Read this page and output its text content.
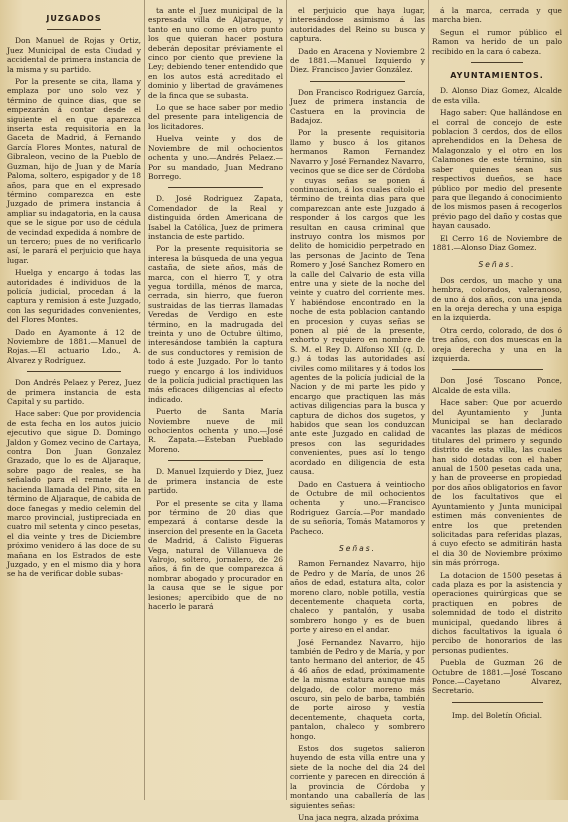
JUZGADOS

Don Manuel de Rojas y Ortiz, Juez Municipal de esta Ciudad y accidental de primera instancia de la misma y su partido.

Por la presente se cita, llama y emplaza por uno solo vez y término de quince dias, que se empezarán á contar desde el siguiente el en que aparezca inserta esta requisitoria en la Gaceta de Madrid, á Fernando García Flores Montes, natural de Gibraleon, vecino de la Pueblo de Guzman, hijo de Juan y de María Paloma, soltero, espigador y de 18 años, para que en el expresado término comparezca en este Juzgado de primera instancia á ampliar su indagatoria, en la causa que se le sigue por uso de cédula de vecindad expedida á nombre de un tercero; pues de no verificarlo así, le parará el perjuicio que haya lugar.

Huelga y encargo á todas las autoridades é individuos de la policía judicial, procedan á la captura y remision á este Juzgado, con las seguridades convenientes, del Flores Montes.

Dado en Ayamonte á 12 de Noviembre de 1881.—Manuel de Rojas.—El actuario Ldo., A. Alvarez y Rodríguez.

Don Andrés Pelaez y Perez, Juez de primera instancia de esta Capital y su partido.

Hace saber: Que por providencia de esta fecha en los autos juicio ejecutivo que sigue D. Domingo Jaldon y Gomez vecino de Cartaya, contra Don Juan Gonzalez Grazado, que lo es de Aljaraque, sobre pago de reales, se ha señalado para el remate de la hacienda llamada del Pino, sita en término de Aljaraque, de cabida de doce fanegas y medio celemin del marco provincial, justipreciada en cuatro mil setenta y cinco pesetas, el dia veinte y tres de Diciembre próximo venidero á las doce de su mañana en los Estrados de este Juzgado, y en el mismo dia y hora se ha de verificar doble subas-

ta ante el Juez municipal de la espresada villa de Aljaraque, y tanto en uno como en otro punto los que quieran hacer postura deberán depositar préviamente el cinco por ciento que previene la Ley; debiendo tener entendido que en los autos está acreditado el dominio y libertad de gravámenes de la finca que se subasta.

Lo que se hace saber por medio del presente para inteligencia de los licitadores.

Huelva veinte y dos de Noviembre de mil ochocientos ochenta y uno.—Andrés Pelaez.—Por su mandado, Juan Medrano Borrego.

D. José Rodriguez Zapata, Comendador de la Real y distinguida órden Americana de Isabel la Católica, Juez de primera instancia de este partido.

Por la presente requisitoria se interesa la búsqueda de una yegua castaña, de siete años, más de marca, con el hierro T, y otra yegua tordilla, ménos de marca, cerrada, sin hierro, que fueron sustraidas de las tierras llamadas Veredas de Verdigo en este término, en la madrugada del treinta y uno de Octubre último, interesándose también la captura de sus conductores y remision de todo á este Juzgado. Por lo tanto ruego y encargo á los individuos de la policía judicial practiquen las más eficaces diligencias al efecto indicado.

Puerto de Santa María Noviembre nueve de mil ochocientos ochenta y uno.—José R. Zapata.—Esteban Pueblado Moreno.

D. Manuel Izquierdo y Diez, Juez de primera instancia de este partido.

Por el presente se cita y llama por término de 20 dias que empezará á contarse desde la insercion del presente en la Gaceta de Madrid, á Calisto Figueras Vega, natural de Villanueva de Valrojo, soltero, jornalero, de 26 años, á fin de que comparezca á nombrar abogado y procurador en la causa que se le sigue por lesiones; apercibido que de no hacerlo le parará

el perjuicio que haya lugar, interesándose asimismo á las autoridades del Reino su busca y captura.

Dado en Aracena y Noviembre 2 de 1881.—Manuel Izquierdo y Diez. Francisco Javier González.

Don Francisco Rodriguez García, Juez de primera instancia de Castuera en la provincia de Badajoz.

Por la presente requisitoria llamo y busco á los gitanos hermanos Ramon Fernandez Navarro y José Fernandez Navarro, vecinos que se dice ser de Córdoba y cuyas señas se ponen á continuacion, á los cuales cítolo el término de treinta dias para que comparezcan ante este Juzgado á responder á los cargos que les resultan en causa criminal que instruyo contra los mismos por delito de homicidio perpetrado en las personas de Jacinto de Tena Romero y José Sanchez Romero en la calle del Calvario de esta villa entre una y siete de la noche del veinte y cuatro del corriente mes. Y habiéndose encontrado en la noche de esta poblacion cantando en procesion y cuyas señas se ponen al pié de la presente, exhorto y requiero en nombre de S. M. el Rey D. Alfonso XII (q. D. g.) á todas las autoridades así civiles como militares y á todos los agentes de la policía judicial de la Nacion y de mi parte les pido y encargo que practiquen las más activas diligencias para la busca y captura de dichos dos sugetos, y habidos que sean los conduzcan ante este Juzgado en calidad de presos con las seguridades convenientes, pues así lo tengo acordado en diligencia de esta causa.

Dado en Castuera á veintiocho de Octubre de mil ochocientos ochenta y uno.—Francisco Rodriguez García.—Por mandado de su señoría, Tomás Matamoros y Pacheco.

Señas.

Ramon Fernandez Navarro, hijo de Pedro y de María, de unos 26 años de edad, estatura alta, color moreno claro, noble potilla, vestía decentemente chaqueta corta, chaleco y pantalón, y usaba sombrero hongo y es de buen porte y aireso en el andar.

José Fernandez Navarro, hijo también de Pedro y de María, y por tanto hermano del anterior, de 45 á 46 años de edad, próximamente de la misma estatura aunque más delgado, de color moreno más oscuro, sin pelo de barba, también de porte airoso y vestía decentemente, chaqueta corta, pantalon, chaleco y sombrero hongo.

Estos dos sugetos salieron huyendo de esta villa entre una y siete de la noche del dia 24 del corriente y parecen en dirección á la provincia de Córdoba y montando una caballería de las siguientes señas:

Una jaca negra, alzada próxima

á la marca, cerrada y que marcha bien.

Segun el rumor público el Ramon va herido de un palo recibido en la cara ó cabeza.

AYUNTAMIENTOS.

D. Alonso Diaz Gomez, Alcalde de esta villa.

Hago saber: Que hallándose en el corral de concejo de este poblacion 3 cerdos, dos de ellos aprehendidos en la Dehesa de Malagonzalo y el otro en los Calamones de este término, sin saber quienes sean sus respectivos dueños, se hace público por medio del presente para que llegando á conocimiento de los mismos pasen á recogerlos prévio pago del daño y costas que hayan causado.

El Cerro 16 de Noviembre de 1881.—Alonso Diaz Gomez.

Señas.

Dos cerdos, un macho y una hembra, colorados, valeranoso, de uno á dos años, con una jenda en la oreja derecha y una espiga en la izquierda.

Otra cerdo, colorado, de dos ó tres años, con dos muescas en la oreja derecha y una en la izquierda.

Don José Toscano Ponce, Alcalde de esta villa.

Hace saber: Que por acuerdo del Ayuntamiento y Junta Municipal se han declarado vacantes las plazas de médicos titulares del primero y segundo distrito de esta villa, las cuales han sido dotadas con el haber anual de 1500 pesetas cada una, y han de proveerse en propiedad por dos años obligatorios en favor de los facultativos que el Ayuntamiento y Junta municipal estimen más convenientes de entre los que pretenden solicitadas para referidas plazas, á cuyo efecto se admitirán hasta el dia 30 de Noviembre próximo sin más prórroga.

La dotacion de 1500 pesetas á cada plaza es por la asistencia y operaciones quirúrgicas que se practiquen en pobres de solemnidad de todo el distrito municipal, quedando libres á dichos facultativos la iguala ó percibo de honorarios de las personas pudientes.

Puebla de Guzman 26 de Octubre de 1881.—José Toscano Ponce.—Cayetano Alvarez, Secretario.

Imp. del Boletín Oficial.
